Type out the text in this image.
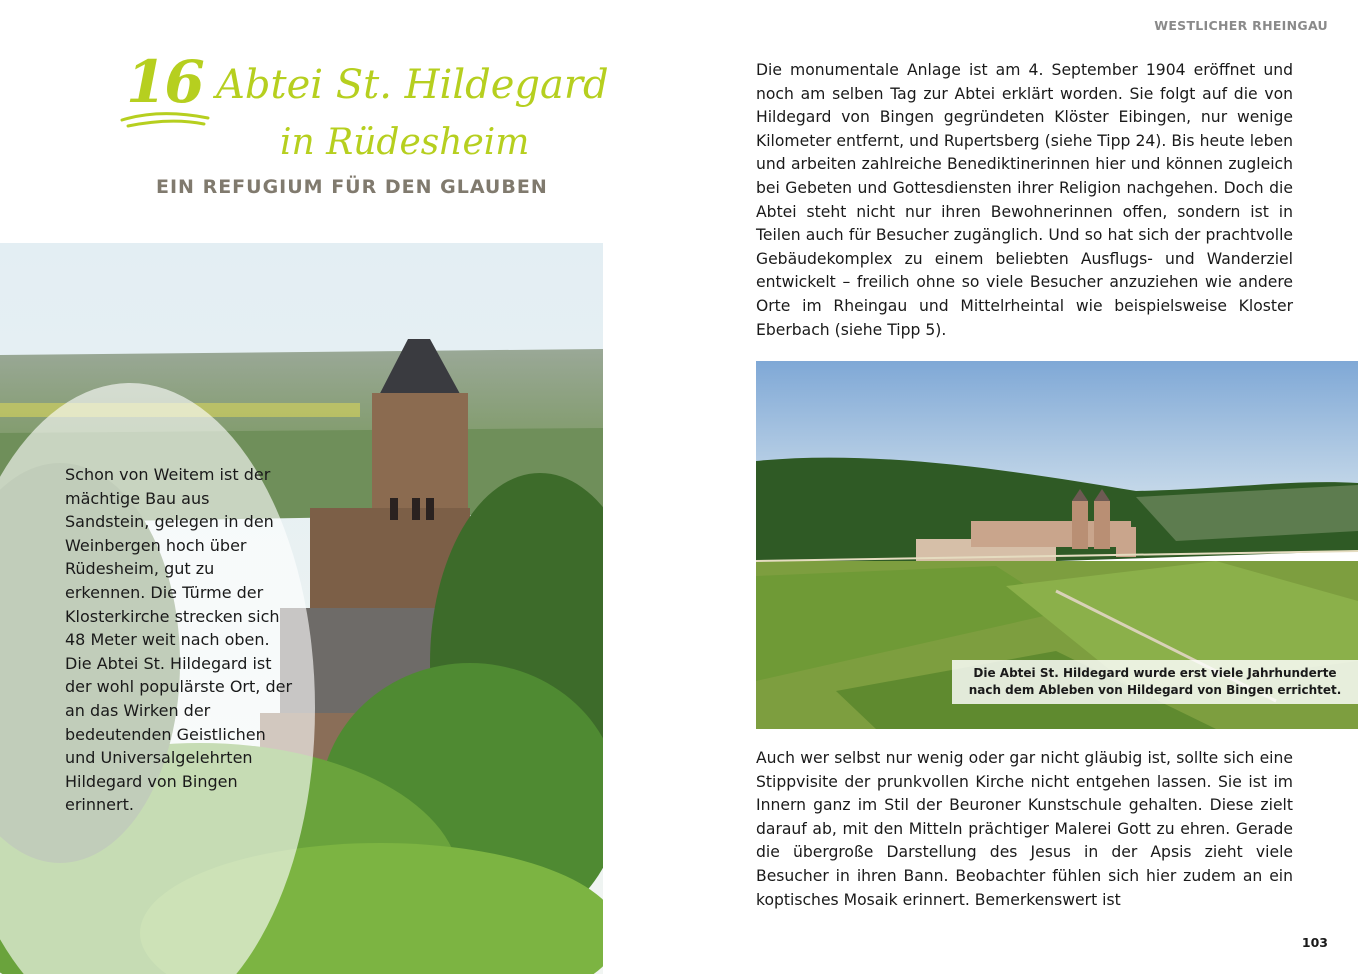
16 Abtei St. Hildegard
in Rüdesheim
EIN REFUGIUM FÜR DEN GLAUBEN
Schon von Weitem ist der mächtige Bau aus Sandstein, gelegen in den Weinbergen hoch über Rüdesheim, gut zu erkennen. Die Türme der Klosterkirche strecken sich 48 Meter weit nach oben. Die Abtei St. Hildegard ist der wohl populärste Ort, der an das Wirken der bedeutenden Geistlichen und Universalgelehrten Hildegard von Bingen erinnert.
WESTLICHER RHEINGAU
Die monumentale Anlage ist am 4. September 1904 eröffnet und noch am selben Tag zur Abtei erklärt worden. Sie folgt auf die von Hildegard von Bingen gegründeten Klöster Eibingen, nur wenige Kilometer entfernt, und Rupertsberg (siehe Tipp 24). Bis heute leben und arbeiten zahlreiche Benediktinerinnen hier und können zugleich bei Gebeten und Gottesdiensten ihrer Religion nachgehen. Doch die Abtei steht nicht nur ihren Bewohnerinnen offen, sondern ist in Teilen auch für Besucher zugänglich. Und so hat sich der prachtvolle Gebäudekomplex zu einem beliebten Ausflugs- und Wanderziel entwickelt – freilich ohne so viele Besucher anzuziehen wie andere Orte im Rheingau und Mittelrheintal wie beispielsweise Kloster Eberbach (siehe Tipp 5).
Die Abtei St. Hildegard wurde erst viele Jahrhunderte
nach dem Ableben von Hildegard von Bingen errichtet.
Auch wer selbst nur wenig oder gar nicht gläubig ist, sollte sich eine Stippvisite der prunkvollen Kirche nicht entgehen lassen. Sie ist im Innern ganz im Stil der Beuroner Kunstschule gehalten. Diese zielt darauf ab, mit den Mitteln prächtiger Malerei Gott zu ehren. Gerade die übergroße Darstellung des Jesus in der Apsis zieht viele Besucher in ihren Bann. Beobachter fühlen sich hier zudem an ein koptisches Mosaik erinnert. Bemerkenswert ist
103
